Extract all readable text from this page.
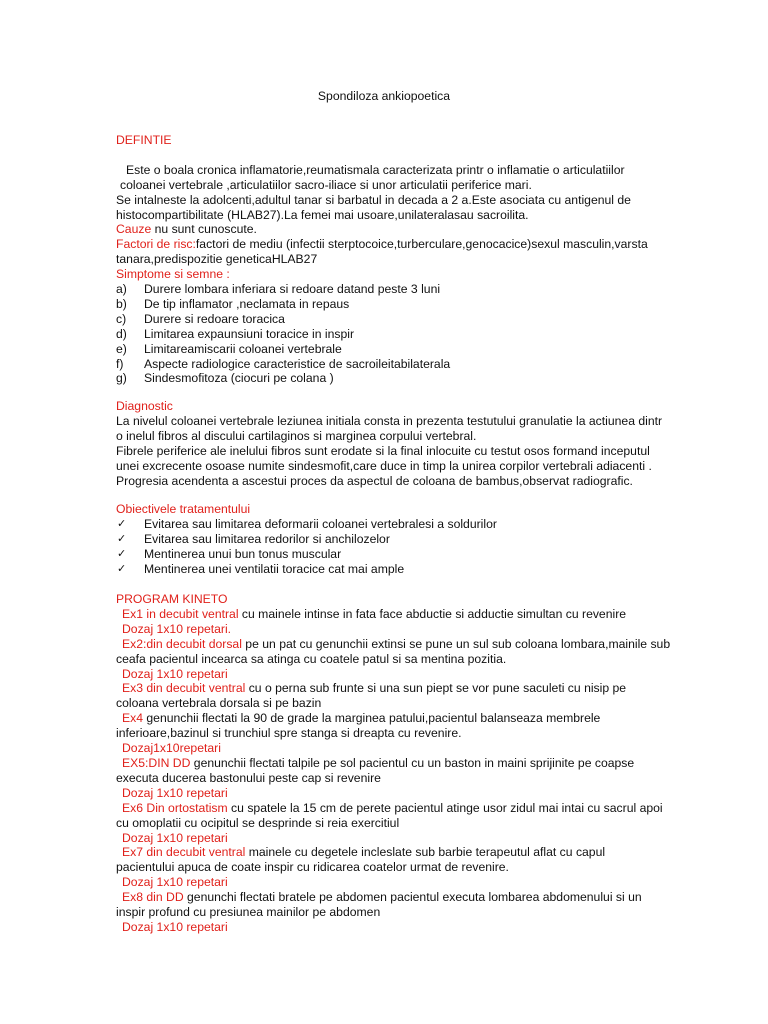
Spondiloza ankiopoetica
DEFINTIE
Este o boala cronica inflamatorie,reumatismala caracterizata printr o inflamatie o articulatiilor
coloanei vertebrale ,articulatiilor sacro-iliace si unor articulatii periferice mari.
Se intalneste la adolcenti,adultul tanar si barbatul in decada a 2 a.Este asociata cu antigenul de
histocompartibilitate (HLAB27).La femei mai usoare,unilateralasau sacroilita.
Cauze nu sunt cunoscute.
Factori de risc:factori de mediu (infectii sterptocoice,turberculare,genocacice)sexul masculin,varsta
tanara,predispozitie geneticaHLAB27
Simptome si semne :
a)	Durere lombara inferiara si redoare datand peste 3 luni
b)	De tip inflamator ,neclamata in repaus
c)	Durere si redoare toracica
d)	Limitarea expaunsiuni toracice in inspir
e)	Limitareamiscarii coloanei vertebrale
f)	Aspecte radiologice caracteristice de sacroileitabilaterala
g)	Sindesmofitoza (ciocuri pe colana )
Diagnostic
La nivelul coloanei vertebrale leziunea initiala consta in prezenta testutului granulatie la actiunea dintr
o inelul fibros al discului cartilaginos si marginea corpului vertebral.
Fibrele periferice ale inelului fibros sunt erodate si la final inlocuite cu testut osos formand inceputul
unei excrecente osoase numite sindesmofit,care duce in timp la unirea corpilor vertebrali adiacenti .
Progresia acendenta a ascestui proces da aspectul de coloana de bambus,observat radiografic.
Obiectivele tratamentului
✓	Evitarea sau limitarea deformarii coloanei vertebralesi a soldurilor
✓	Evitarea sau limitarea redorilor si anchilozelor
✓	Mentinerea unui bun tonus muscular
✓	Mentinerea unei ventilatii toracice cat mai ample
PROGRAM KINETO
Ex1 in decubit ventral cu mainele intinse in fata face abductie si adductie simultan cu revenire
Dozaj 1x10 repetari.
Ex2:din decubit dorsal pe un pat cu genunchii extinsi se pune un sul sub coloana lombara,mainile sub
ceafa pacientul incearca sa atinga cu coatele patul si sa mentina pozitia.
Dozaj 1x10 repetari
Ex3 din decubit ventral cu o perna sub frunte si una sun piept se vor pune saculeti cu nisip pe
coloana vertebrala dorsala si pe bazin
Ex4 genunchii flectati la 90 de grade la marginea patului,pacientul balanseaza membrele
inferioare,bazinul si trunchiul spre stanga si dreapta cu revenire.
Dozaj1x10repetari
EX5:DIN DD genunchii flectati talpile pe sol pacientul cu un baston in maini sprijinite pe coapse
executa ducerea bastonului peste cap si revenire
Dozaj 1x10 repetari
Ex6 Din ortostatism cu spatele la 15 cm de perete pacientul atinge usor zidul mai intai cu sacrul apoi
cu omoplatii cu ocipitul se desprinde si reia exercitiul
Dozaj 1x10 repetari
Ex7 din decubit ventral mainele cu degetele incleslate sub barbie terapeutul aflat cu capul
pacientului apuca de coate inspir cu ridicarea coatelor urmat de revenire.
Dozaj 1x10 repetari
Ex8 din DD genunchi flectati bratele pe abdomen pacientul executa lombarea abdomenului si un
inspir profund cu presiunea mainilor pe abdomen
Dozaj 1x10 repetari
